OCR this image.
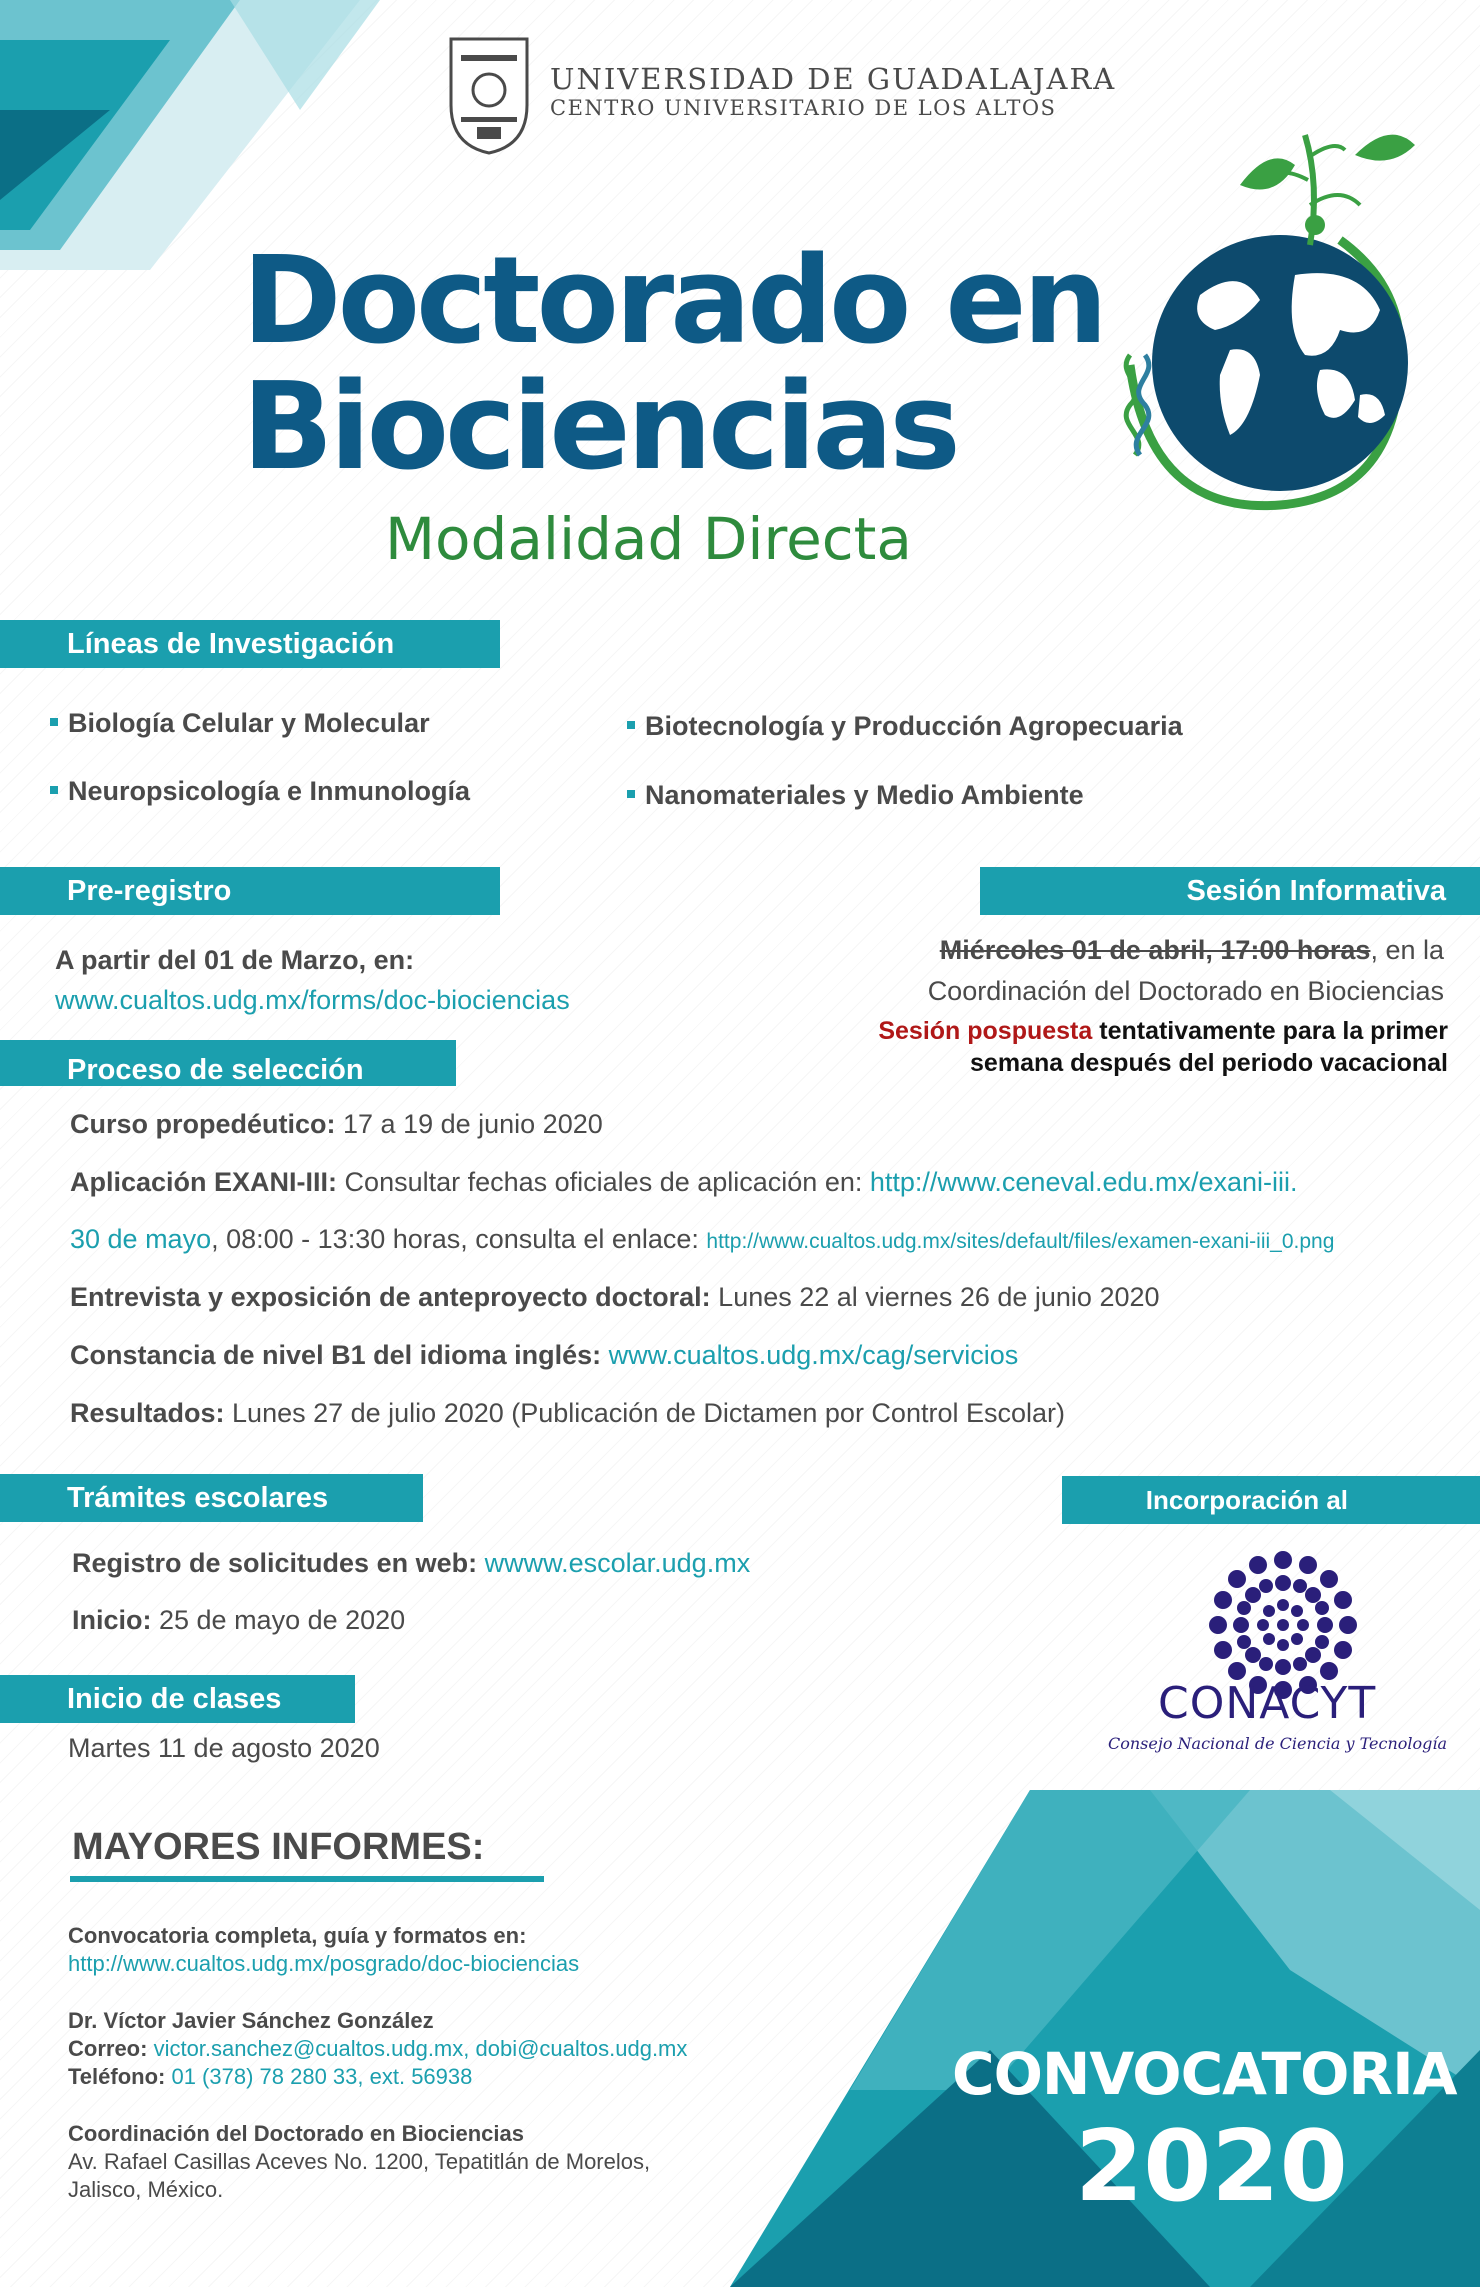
UNIVERSIDAD DE GUADALAJARA
CENTRO UNIVERSITARIO DE LOS ALTOS
Doctorado en
Biociencias
Modalidad Directa
Líneas de Investigación
Biología Celular y Molecular	Biotecnología y Producción Agropecuaria
Neuropsicología e Inmunología	Nanomateriales y Medio Ambiente
Pre-registro
A partir del 01 de Marzo, en:
www.cualtos.udg.mx/forms/doc-biociencias
Sesión Informativa
Miércoles 01 de abril, 17:00 horas, en la
Coordinación del Doctorado en Biociencias
Sesión pospuesta tentativamente para la primer
semana después del periodo vacacional
Proceso de selección
Curso propedéutico: 17 a 19 de junio 2020
Aplicación EXANI-III: Consultar fechas oficiales de aplicación en: http://www.ceneval.edu.mx/exani-iii.
30 de mayo, 08:00 - 13:30 horas, consulta el enlace: http://www.cualtos.udg.mx/sites/default/files/examen-exani-iii_0.png
Entrevista y exposición de anteproyecto doctoral: Lunes 22 al viernes 26 de junio 2020
Constancia de nivel B1 del idioma inglés: www.cualtos.udg.mx/cag/servicios
Resultados: Lunes 27 de julio 2020 (Publicación de Dictamen por Control Escolar)
Trámites escolares
Registro de solicitudes en web: wwww.escolar.udg.mx
Inicio: 25 de mayo de 2020
Incorporación al
CONACYT
Consejo Nacional de Ciencia y Tecnología
Inicio de clases
Martes 11 de agosto 2020
MAYORES INFORMES:
Convocatoria completa, guía y formatos en:
http://www.cualtos.udg.mx/posgrado/doc-biociencias
Dr. Víctor Javier Sánchez González
Correo: victor.sanchez@cualtos.udg.mx, dobi@cualtos.udg.mx
Teléfono: 01 (378) 78 280 33, ext. 56938
Coordinación del Doctorado en Biociencias
Av. Rafael Casillas Aceves No. 1200, Tepatitlán de Morelos,
Jalisco, México.
CONVOCATORIA
2020
